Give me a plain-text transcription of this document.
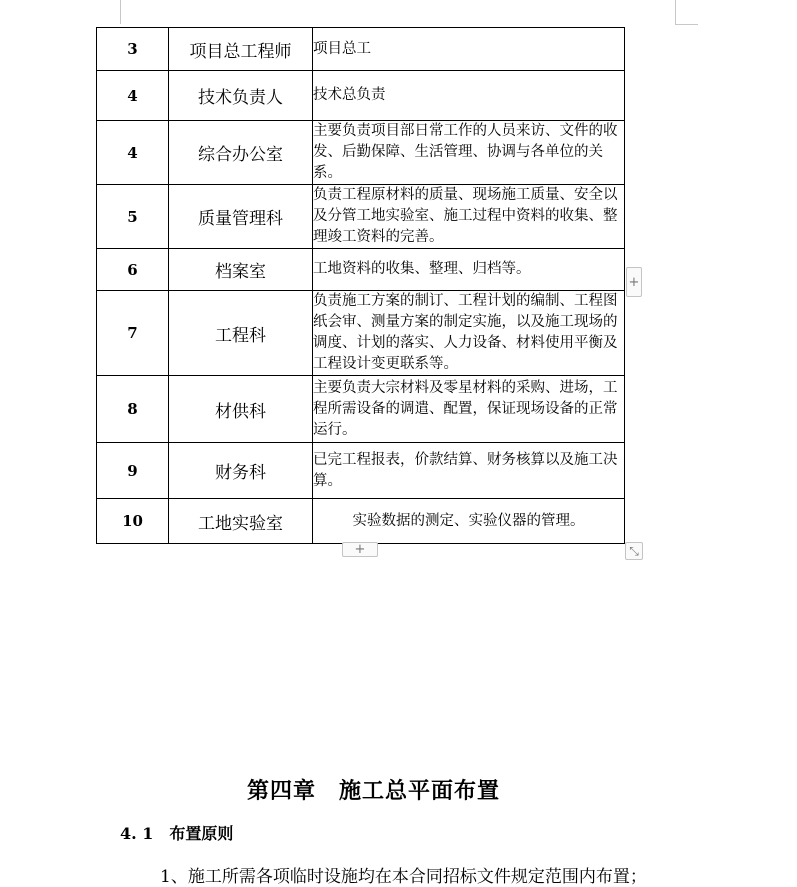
3	项目总工程师	项目总工
4	技术负责人	技术总负责
4	综合办公室	主要负责项目部日常工作的人员来访、文件的收发、后勤保障、生活管理、协调与各单位的关系。
5	质量管理科	负责工程原材料的质量、现场施工质量、安全以及分管工地实验室、施工过程中资料的收集、整理竣工资料的完善。
6	档案室	工地资料的收集、整理、归档等。
7	工程科	负责施工方案的制订、工程计划的编制、工程图纸会审、测量方案的制定实施，以及施工现场的调度、计划的落实、人力设备、材料使用平衡及工程设计变更联系等。
8	材供科	主要负责大宗材料及零星材料的采购、进场，工程所需设备的调遣、配置，保证现场设备的正常运行。
9	财务科	已完工程报表，价款结算、财务核算以及施工决算。
10	工地实验室	实验数据的测定、实验仪器的管理。
+
+	⤡
第四章　施工总平面布置
4. 1　布置原则
1、施工所需各项临时设施均在本合同招标文件规定范围内布置；
